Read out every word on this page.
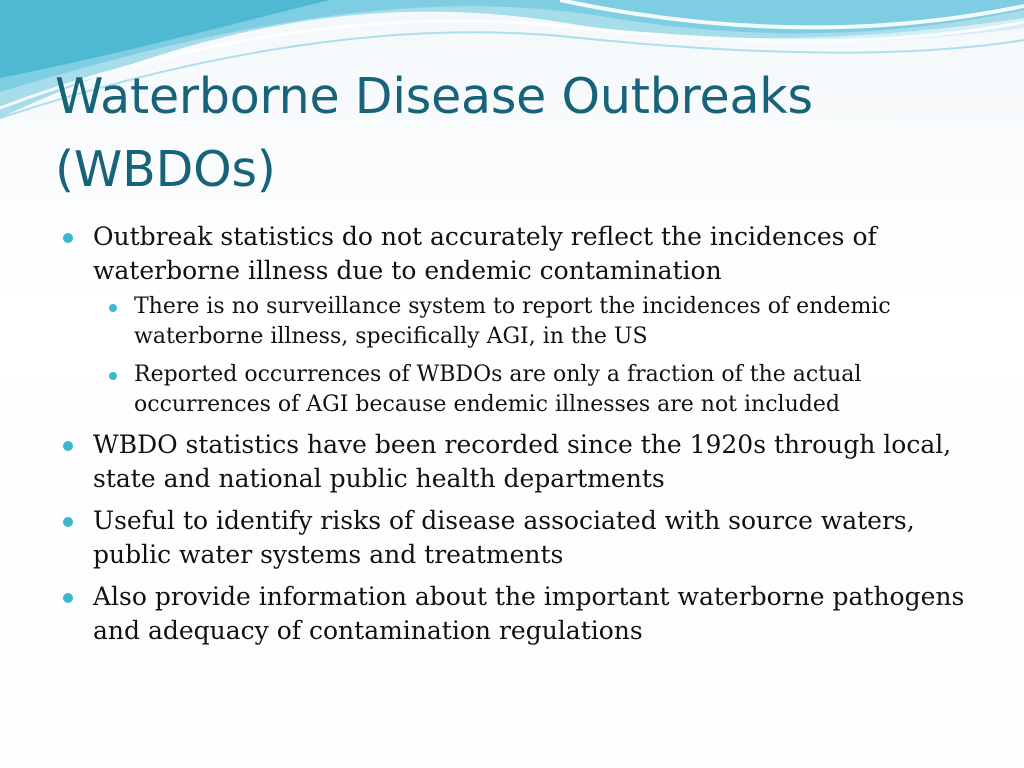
Waterborne Disease Outbreaks
(WBDOs)
Outbreak statistics do not accurately reflect the incidences of waterborne illness due to endemic contamination
There is no surveillance system to report the incidences of endemic waterborne illness, specifically AGI, in the US
Reported occurrences of WBDOs are only a fraction of the actual occurrences of AGI because endemic illnesses are not included
WBDO statistics have been recorded since the 1920s through local, state and national public health departments
Useful to identify risks of disease associated with source waters, public water systems and treatments
Also provide information about the important waterborne pathogens and adequacy of contamination regulations
